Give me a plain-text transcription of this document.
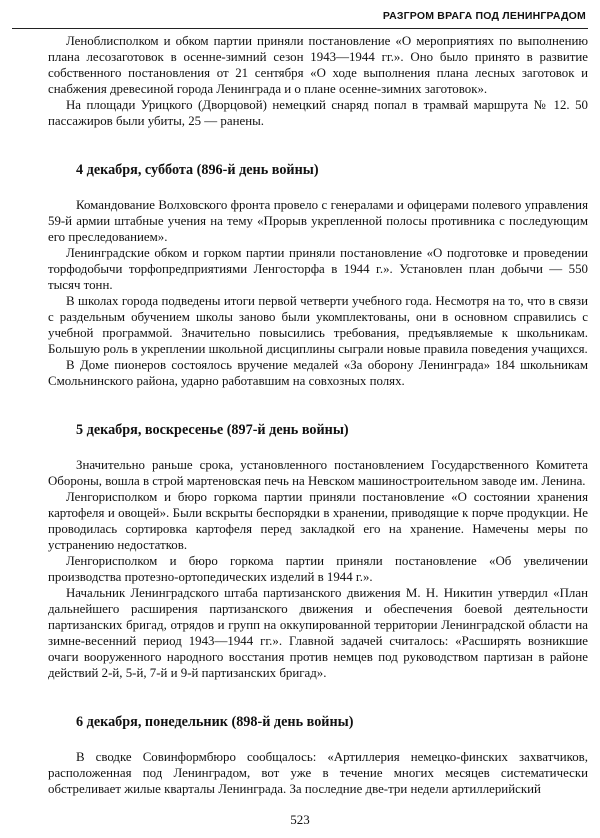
РАЗГРОМ ВРАГА ПОД ЛЕНИНГРАДОМ

Леноблисполком и обком партии приняли постановление «О мероприятиях по выполнению плана лесозаготовок в осенне-зимний сезон 1943—1944 гг.». Оно было принято в развитие собственного постановления от 21 сентября «О ходе выполнения плана лесных заготовок и снабжения древесиной города Ленинграда и о плане осенне-зимних заготовок».

На площади Урицкого (Дворцовой) немецкий снаряд попал в трамвай маршрута № 12. 50 пассажиров были убиты, 25 — ранены.

4 декабря, суббота (896-й день войны)

Командование Волховского фронта провело с генералами и офицерами полевого управления 59-й армии штабные учения на тему «Прорыв укрепленной полосы противника с последующим его преследованием».

Ленинградские обком и горком партии приняли постановление «О подготовке и проведении торфодобычи торфопредприятиями Ленгосторфа в 1944 г.». Установлен план добычи — 550 тысяч тонн.

В школах города подведены итоги первой четверти учебного года. Несмотря на то, что в связи с раздельным обучением школы заново были укомплектованы, они в основном справились с учебной программой. Значительно повысились требования, предъявляемые к школьникам. Большую роль в укреплении школьной дисциплины сыграли новые правила поведения учащихся.

В Доме пионеров состоялось вручение медалей «За оборону Ленинграда» 184 школьникам Смольнинского района, ударно работавшим на совхозных полях.

5 декабря, воскресенье (897-й день войны)

Значительно раньше срока, установленного постановлением Государственного Комитета Обороны, вошла в строй мартеновская печь на Невском машиностроительном заводе им. Ленина.

Ленгорисполком и бюро горкома партии приняли постановление «О состоянии хранения картофеля и овощей». Были вскрыты беспорядки в хранении, приводящие к порче продукции. Не проводилась сортировка картофеля перед закладкой его на хранение. Намечены меры по устранению недостатков.

Ленгорисполком и бюро горкома партии приняли постановление «Об увеличении производства протезно-ортопедических изделий в 1944 г.».

Начальник Ленинградского штаба партизанского движения М. Н. Никитин утвердил «План дальнейшего расширения партизанского движения и обеспечения боевой деятельности партизанских бригад, отрядов и групп на оккупированной территории Ленинградской области на зимне-весенний период 1943—1944 гг.». Главной задачей считалось: «Расширять возникшие очаги вооруженного народного восстания против немцев под руководством партизан в районе действий 2-й, 5-й, 7-й и 9-й партизанских бригад».

6 декабря, понедельник (898-й день войны)

В сводке Совинформбюро сообщалось: «Артиллерия немецко-финских захватчиков, расположенная под Ленинградом, вот уже в течение многих месяцев систематически обстреливает жилые кварталы Ленинграда. За последние две-три недели артиллерийский

523
